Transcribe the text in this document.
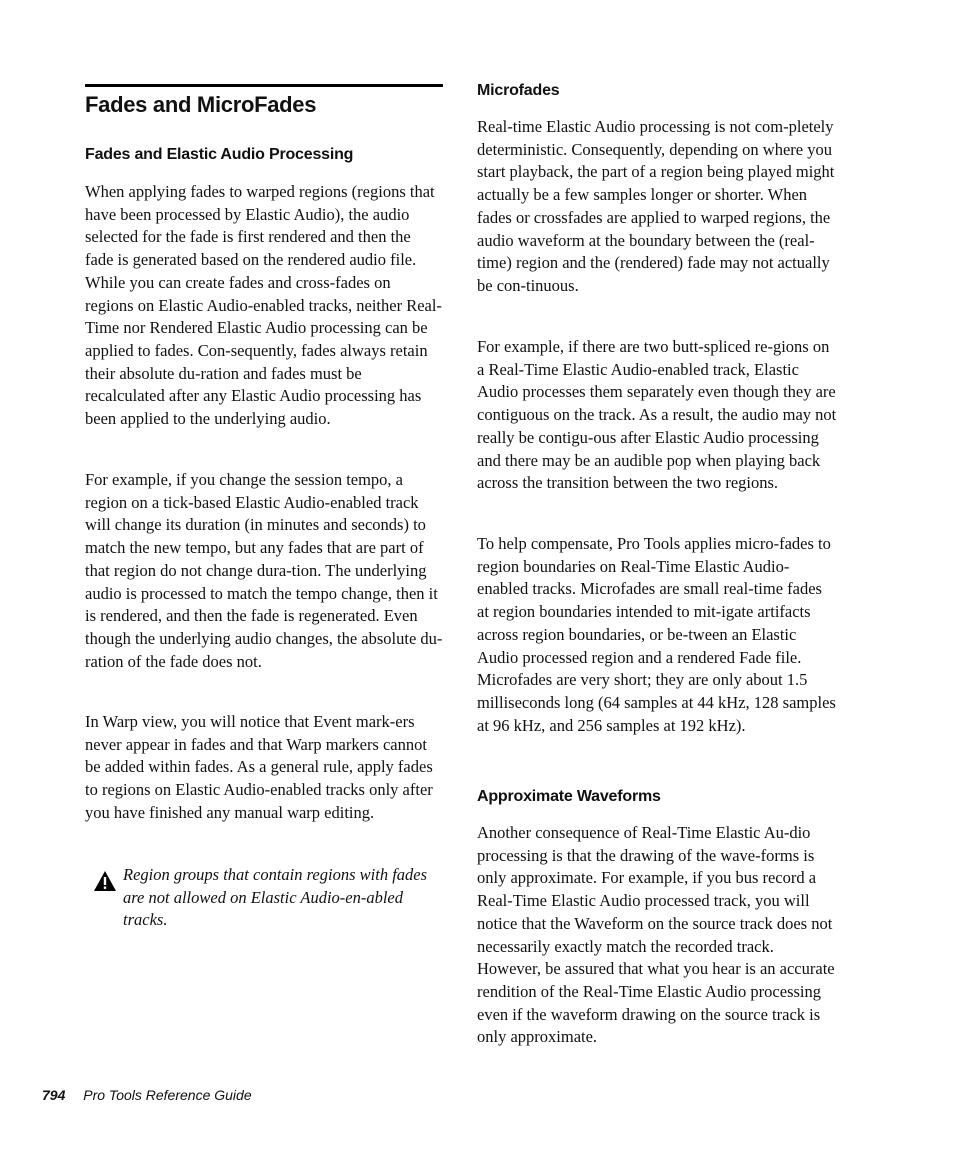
Fades and MicroFades
Fades and Elastic Audio Processing

When applying fades to warped regions (regions that have been processed by Elastic Audio), the audio selected for the fade is first rendered and then the fade is generated based on the rendered audio file. While you can create fades and cross-fades on regions on Elastic Audio-enabled tracks, neither Real-Time nor Rendered Elastic Audio processing can be applied to fades. Con-sequently, fades always retain their absolute du-ration and fades must be recalculated after any Elastic Audio processing has been applied to the underlying audio.

For example, if you change the session tempo, a region on a tick-based Elastic Audio-enabled track will change its duration (in minutes and seconds) to match the new tempo, but any fades that are part of that region do not change dura-tion. The underlying audio is processed to match the tempo change, then it is rendered, and then the fade is regenerated. Even though the underlying audio changes, the absolute du-ration of the fade does not.

In Warp view, you will notice that Event mark-ers never appear in fades and that Warp markers cannot be added within fades. As a general rule, apply fades to regions on Elastic Audio-enabled tracks only after you have finished any manual warp editing.

Region groups that contain regions with fades are not allowed on Elastic Audio-en-abled tracks.

Microfades

Real-time Elastic Audio processing is not com-pletely deterministic. Consequently, depending on where you start playback, the part of a region being played might actually be a few samples longer or shorter. When fades or crossfades are applied to warped regions, the audio waveform at the boundary between the (real-time) region and the (rendered) fade may not actually be con-tinuous.

For example, if there are two butt-spliced re-gions on a Real-Time Elastic Audio-enabled track, Elastic Audio processes them separately even though they are contiguous on the track. As a result, the audio may not really be contigu-ous after Elastic Audio processing and there may be an audible pop when playing back across the transition between the two regions.

To help compensate, Pro Tools applies micro-fades to region boundaries on Real-Time Elastic Audio-enabled tracks. Microfades are small real-time fades at region boundaries intended to mit-igate artifacts across region boundaries, or be-tween an Elastic Audio processed region and a rendered Fade file. Microfades are very short; they are only about 1.5 milliseconds long (64 samples at 44 kHz, 128 samples at 96 kHz, and 256 samples at 192 kHz).

Approximate Waveforms

Another consequence of Real-Time Elastic Au-dio processing is that the drawing of the wave-forms is only approximate. For example, if you bus record a Real-Time Elastic Audio processed track, you will notice that the Waveform on the source track does not necessarily exactly match the recorded track. However, be assured that what you hear is an accurate rendition of the Real-Time Elastic Audio processing even if the waveform drawing on the source track is only approximate.

794 Pro Tools Reference Guide
